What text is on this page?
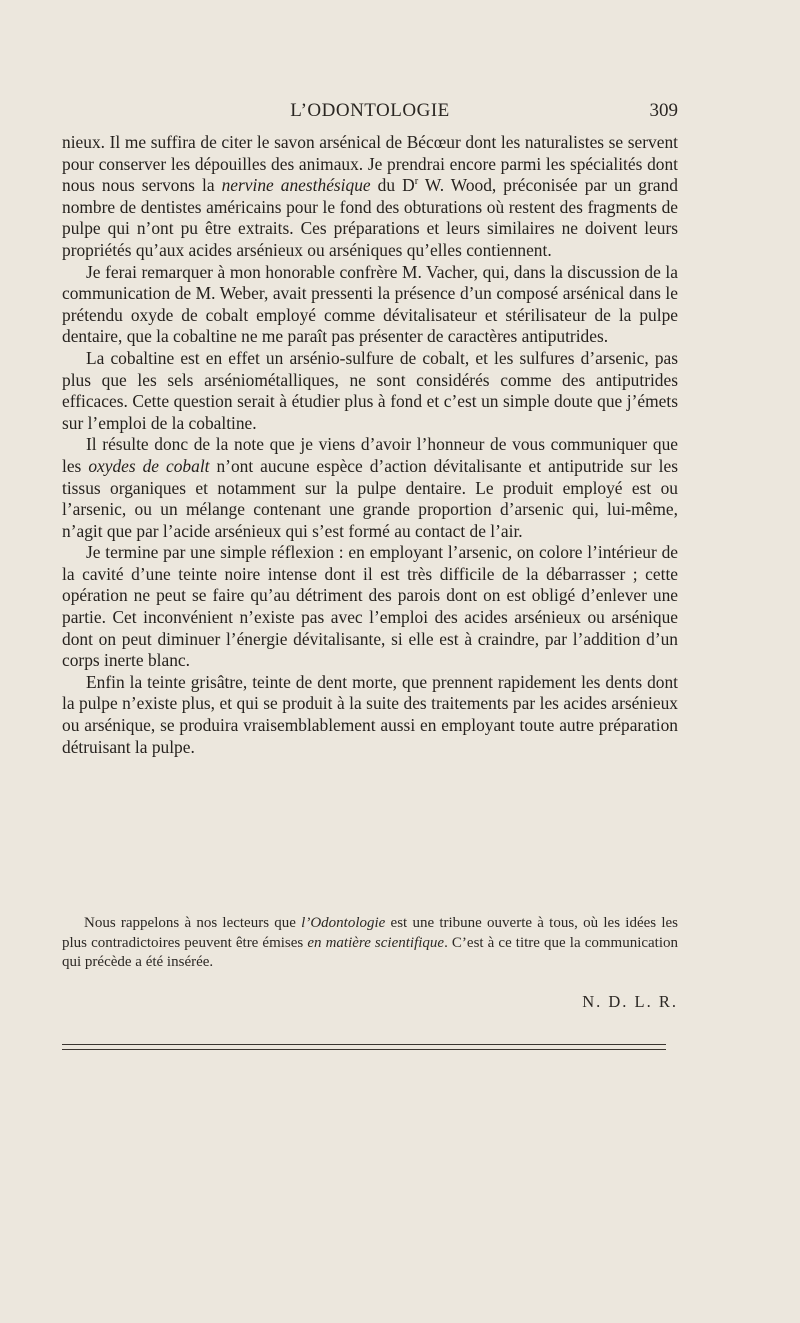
L’ODONTOLOGIE	309

nieux. Il me suffira de citer le savon arsénical de Bécœur dont les naturalistes se servent pour conserver les dépouilles des animaux. Je prendrai encore parmi les spécialités dont nous nous servons la nervine anesthésique du $D^r$ W. Wood, préconisée par un grand nombre de dentistes américains pour le fond des obturations où restent des fragments de pulpe qui n’ont pu être extraits. Ces préparations et leurs similaires ne doivent leurs propriétés qu’aux acides arsénieux ou arséniques qu’elles contiennent.

Je ferai remarquer à mon honorable confrère M. Vacher, qui, dans la discussion de la communication de M. Weber, avait pressenti la présence d’un composé arsénical dans le prétendu oxyde de cobalt employé comme dévitalisateur et stérilisateur de la pulpe dentaire, que la cobaltine ne me paraît pas présenter de caractères antiputrides.

La cobaltine est en effet un arsénio-sulfure de cobalt, et les sulfures d’arsenic, pas plus que les sels arséniométalliques, ne sont considérés comme des antiputrides efficaces. Cette question serait à étudier plus à fond et c’est un simple doute que j’émets sur l’emploi de la cobaltine.

Il résulte donc de la note que je viens d’avoir l’honneur de vous communiquer que les oxydes de cobalt n’ont aucune espèce d’action dévitalisante et antiputride sur les tissus organiques et notamment sur la pulpe dentaire. Le produit employé est ou l’arsenic, ou un mélange contenant une grande proportion d’arsenic qui, lui-même, n’agit que par l’acide arsénieux qui s’est formé au contact de l’air.

Je termine par une simple réflexion : en employant l’arsenic, on colore l’intérieur de la cavité d’une teinte noire intense dont il est très difficile de la débarrasser ; cette opération ne peut se faire qu’au détriment des parois dont on est obligé d’enlever une partie. Cet inconvénient n’existe pas avec l’emploi des acides arsénieux ou arsénique dont on peut diminuer l’énergie dévitalisante, si elle est à craindre, par l’addition d’un corps inerte blanc.

Enfin la teinte grisâtre, teinte de dent morte, que prennent rapidement les dents dont la pulpe n’existe plus, et qui se produit à la suite des traitements par les acides arsénieux ou arsénique, se produira vraisemblablement aussi en employant toute autre préparation détruisant la pulpe.

Nous rappelons à nos lecteurs que l’Odontologie est une tribune ouverte à tous, où les idées les plus contradictoires peuvent être émises en matière scientifique. C’est à ce titre que la communication qui précède a été insérée.

N. D. L. R.
